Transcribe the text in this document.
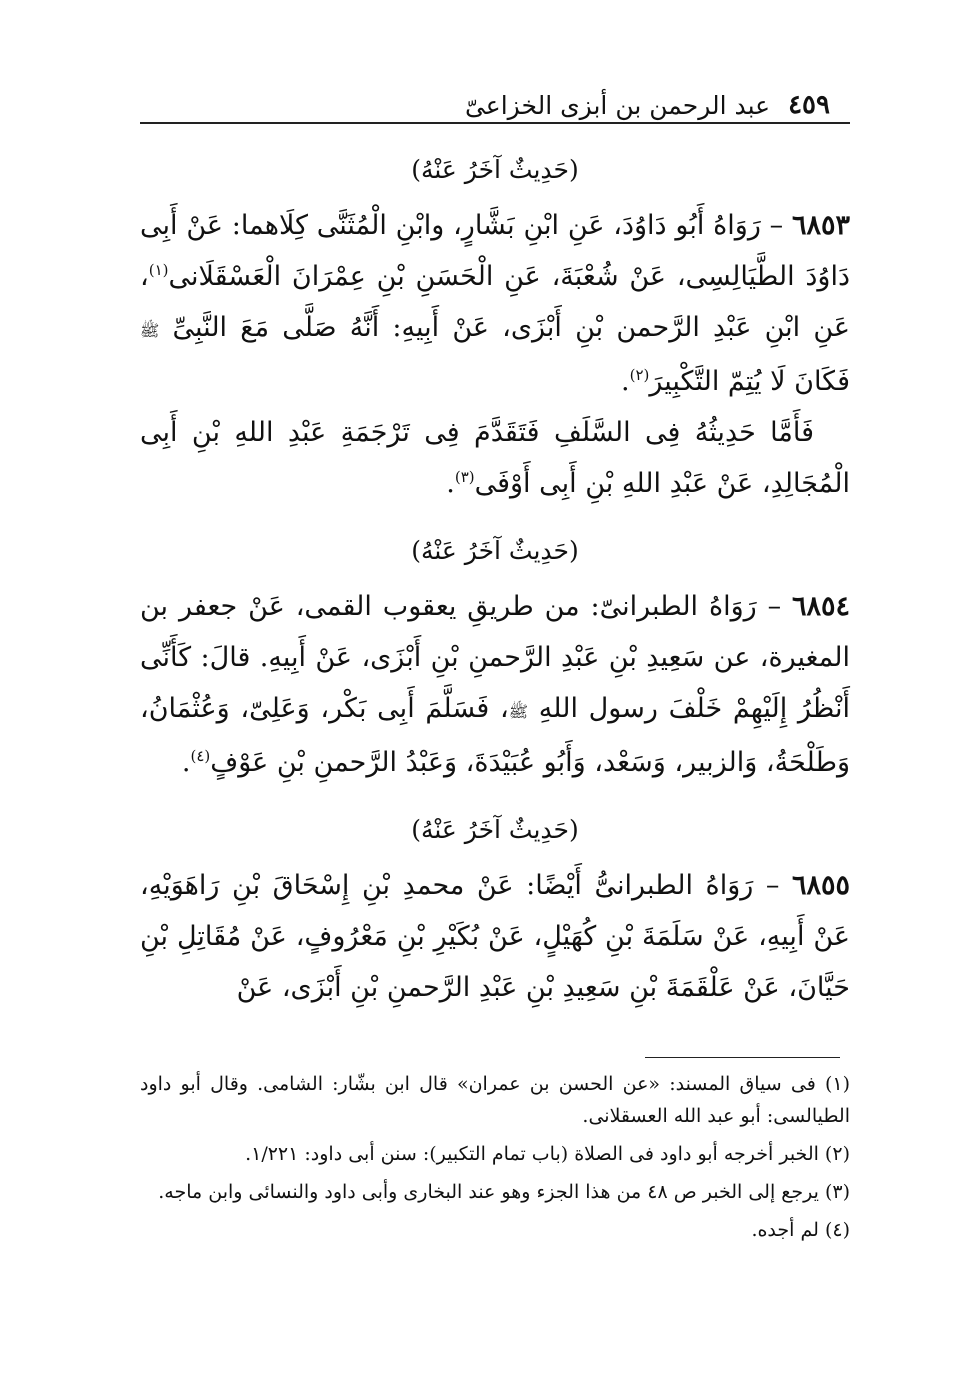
٤٥٩
عبد الرحمن بن أبزى الخزاعىّ
(حَدِيثٌ آخَرُ عَنْهُ)

٦٨٥٣ – رَوَاهُ أَبُو دَاوُدَ، عَنِ ابْنِ بَشَّارٍ، وابْنِ الْمُثَنَّى كِلَاهما: عَنْ أَبِى دَاوُدَ الطَّيَالِسِى، عَنْ شُعْبَةَ، عَنِ الْحَسَنِ بْنِ عِمْرَانَ الْعَسْقَلَانى$^{(١)}$، عَنِ ابْنِ عَبْدِ الرَّحمن بْنِ أَبْزَى، عَنْ أَبِيهِ: أَنَّهُ صَلَّى مَعَ النَّبِىِّ ﷺ فَكَانَ لَا يُتِمّ التَّكْبِيرَ$^{(٢)}$.

فَأَمَّا حَدِيثُهُ فِى السَّلَفِ فَتَقَدَّمَ فِى تَرْجَمَةِ عَبْدِ اللهِ بْنِ أَبِى الْمُجَالِدِ، عَنْ عَبْدِ اللهِ بْنِ أَبِى أَوْفَى$^{(٣)}$.

(حَدِيثٌ آخَرُ عَنْهُ)

٦٨٥٤ – رَوَاهُ الطبرانىّ: من طريقِ يعقوب القمى، عَنْ جعفر بن المغيرة، عن سَعِيدِ بْنِ عَبْدِ الرَّحمنِ بْنِ أَبْزَى، عَنْ أَبِيهِ. قالَ: كَأَنِّى أَنْظُرُ إِلَيْهِمْ خَلْفَ رسول اللهِ ﷺ، فَسَلَّمَ أَبِى بَكْر، وَعَلِىّ، وَعُثْمَانُ، وَطَلْحَةُ، وَالزبير، وَسَعْد، وَأَبُو عُبَيْدَةَ، وَعَبْدُ الرَّحمنِ بْنِ عَوْفٍ$^{(٤)}$.

(حَدِيثٌ آخَرُ عَنْهُ)

٦٨٥٥ – رَوَاهُ الطبرانىُّ أَيْضًا: عَنْ محمدِ بْنِ إِسْحَاقَ بْنِ رَاهَوَيْهِ، عَنْ أَبِيهِ، عَنْ سَلَمَةَ بْنِ كُهَيْلٍ، عَنْ بُكَيْرِ بْنِ مَعْرُوفٍ، عَنْ مُقَاتِلِ بْنِ حَيَّانَ، عَنْ عَلْقَمَةَ بْنِ سَعِيدِ بْنِ عَبْدِ الرَّحمنِ بْنِ أَبْزَى، عَنْ

(١) فى سياق المسند: «عن الحسن بن عمران» قال ابن بشّار: الشامى. وقال أبو داود الطيالسى: أبو عبد الله العسقلانى.

(٢) الخبر أخرجه أبو داود فى الصلاة (باب تمام التكبير): سنن أبى داود: ١/٢٢١.

(٣) يرجع إلى الخبر ص ٤٨ من هذا الجزء وهو عند البخارى وأبى داود والنسائى وابن ماجه.

(٤) لم أجده.
